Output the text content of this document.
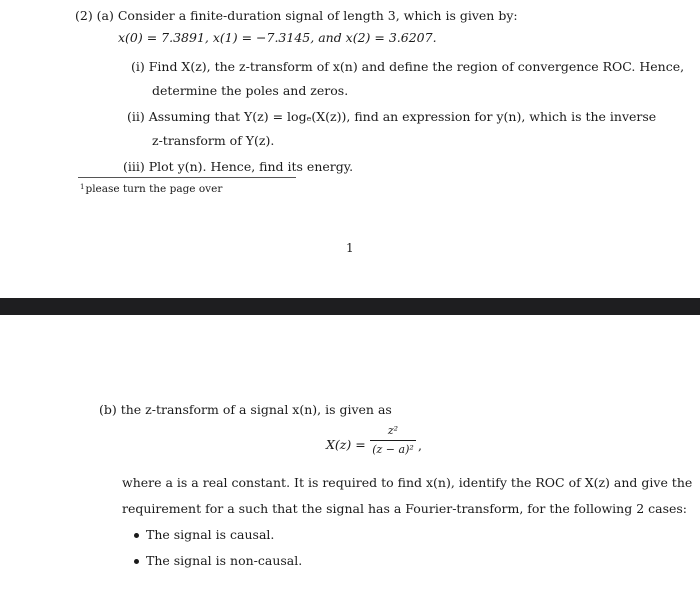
(2) (a) Consider a finite-duration signal of length 3, which is given by:
x(0) = 7.3891, x(1) = −7.3145, and x(2) = 3.6207.
(i) Find X(z), the z-transform of x(n) and define the region of convergence ROC. Hence,
determine the poles and zeros.
(ii) Assuming that Y(z) = logₑ(X(z)), find an expression for y(n), which is the inverse
z-transform of Y(z).
(iii) Plot y(n). Hence, find its energy.
$^1$please turn the page over
1
(b) the z-transform of a signal x(n), is given as
X(z) =
z²
(z − a)² ,
where a is a real constant. It is required to find x(n), identify the ROC of X(z) and give the
requirement for a such that the signal has a Fourier-transform, for the following 2 cases:
The signal is causal.
The signal is non-causal.
